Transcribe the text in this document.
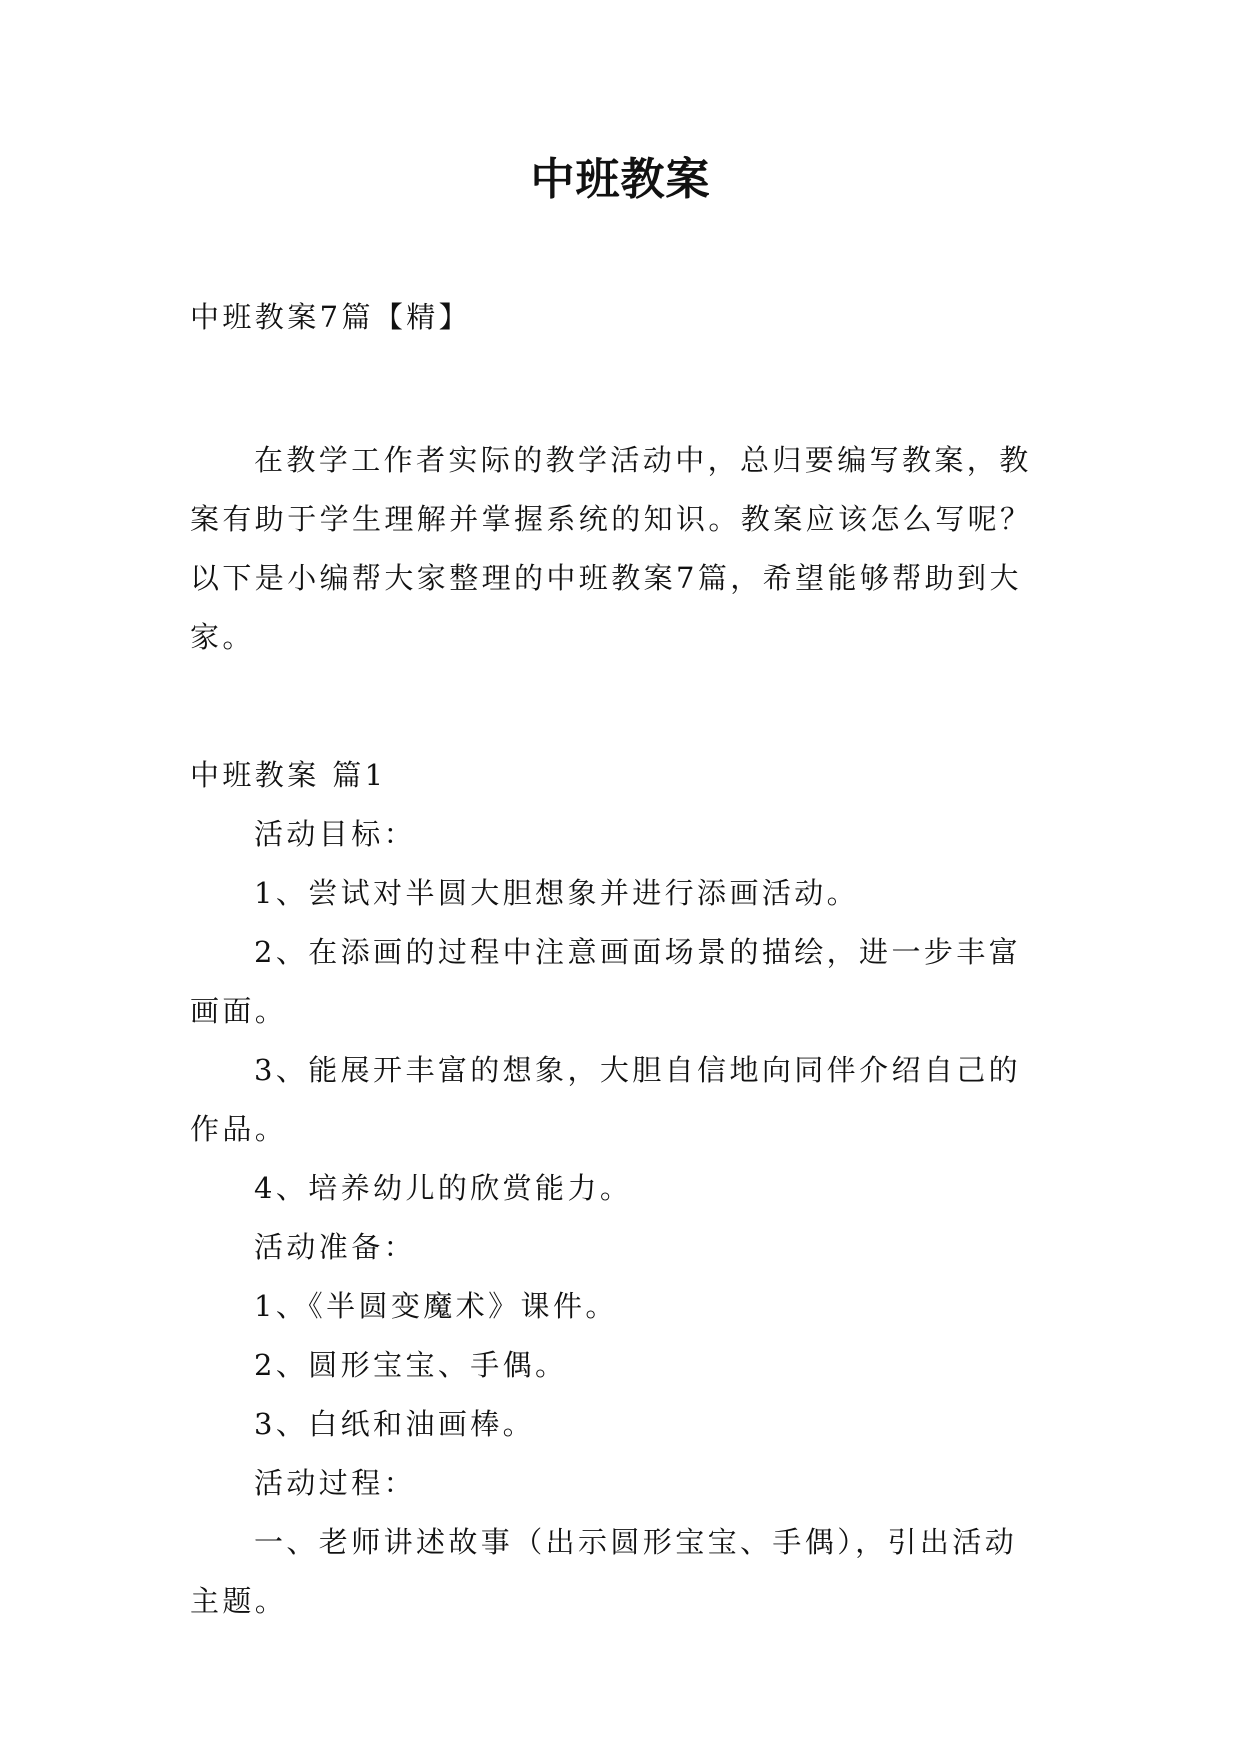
中班教案
中班教案7篇【精】
在教学工作者实际的教学活动中，总归要编写教案，教
案有助于学生理解并掌握系统的知识。教案应该怎么写呢？
以下是小编帮大家整理的中班教案7篇，希望能够帮助到大
家。
中班教案 篇1
活动目标：
1、尝试对半圆大胆想象并进行添画活动。
2、在添画的过程中注意画面场景的描绘，进一步丰富
画面。
3、能展开丰富的想象，大胆自信地向同伴介绍自己的
作品。
4、培养幼儿的欣赏能力。
活动准备：
1、《半圆变魔术》课件。
2、圆形宝宝、手偶。
3、白纸和油画棒。
活动过程：
一、老师讲述故事（出示圆形宝宝、手偶），引出活动
主题。
